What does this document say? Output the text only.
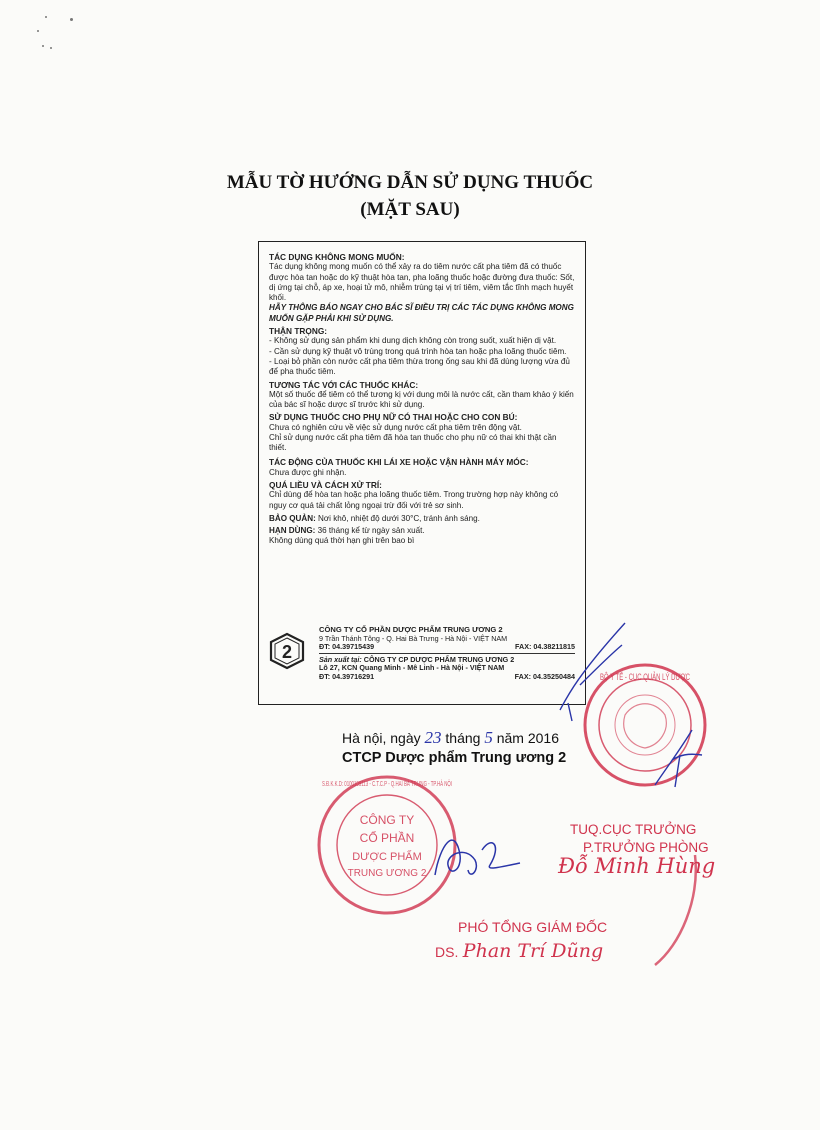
MẪU TỜ HƯỚNG DẪN SỬ DỤNG THUỐC
(MẶT SAU)
TÁC DỤNG KHÔNG MONG MUỐN:

Tác dụng không mong muốn có thể xảy ra do tiêm nước cất pha tiêm đã có thuốc được hòa tan hoặc do kỹ thuật hòa tan, pha loãng thuốc hoặc đường đưa thuốc: Sốt, dị ứng tại chỗ, áp xe, hoại tử mô, nhiễm trùng tại vị trí tiêm, viêm tắc tĩnh mạch huyết khối.

HÃY THÔNG BÁO NGAY CHO BÁC SĨ ĐIỀU TRỊ CÁC TÁC DỤNG KHÔNG MONG MUỐN GẶP PHẢI KHI SỬ DỤNG.

THẬN TRỌNG:

- Không sử dụng sản phẩm khi dung dịch không còn trong suốt, xuất hiện dị vật.

- Cần sử dụng kỹ thuật vô trùng trong quá trình hòa tan hoặc pha loãng thuốc tiêm.

- Loại bỏ phần còn nước cất pha tiêm thừa trong ống sau khi đã dùng lượng vừa đủ để pha thuốc tiêm.

TƯƠNG TÁC VỚI CÁC THUỐC KHÁC:

Một số thuốc để tiêm có thể tương kị với dung môi là nước cất, cần tham khảo ý kiến của bác sĩ hoặc dược sĩ trước khi sử dụng.

SỬ DỤNG THUỐC CHO PHỤ NỮ CÓ THAI HOẶC CHO CON BÚ:

Chưa có nghiên cứu về việc sử dụng nước cất pha tiêm trên động vật.

Chỉ sử dụng nước cất pha tiêm đã hòa tan thuốc cho phụ nữ có thai khi thật cần thiết.

TÁC ĐỘNG CỦA THUỐC KHI LÁI XE HOẶC VẬN HÀNH MÁY MÓC:

Chưa được ghi nhận.

QUÁ LIỀU VÀ CÁCH XỬ TRÍ:

Chỉ dùng để hòa tan hoặc pha loãng thuốc tiêm. Trong trường hợp này không có nguy cơ quá tải chất lỏng ngoại trừ đối với trẻ sơ sinh.

BẢO QUẢN: Nơi khô, nhiệt độ dưới 30°C, tránh ánh sáng.

HẠN DÙNG: 36 tháng kể từ ngày sản xuất.

Không dùng quá thời hạn ghi trên bao bì

2
CÔNG TY CỔ PHẦN DƯỢC PHẨM TRUNG ƯƠNG 2
9 Trần Thánh Tông - Q. Hai Bà Trưng - Hà Nội - VIỆT NAM
ĐT: 04.39715439	FAX: 04.38211815
Sản xuất tại: CÔNG TY CP DƯỢC PHẨM TRUNG ƯƠNG 2
Lô 27, KCN Quang Minh - Mê Linh - Hà Nội - VIỆT NAM
ĐT: 04.39716291	FAX: 04.35250484	BỘ Y TẾ - CỤC QUẢN LÝ DƯỢC
Hà nội, ngày 23 tháng 5 năm 2016
CTCP Dược phẩm Trung ương 2
CÔNG TY
CỔ PHẦN
DƯỢC PHẨM
TRUNG ƯƠNG 2
S.Đ.K.K.D: 0100109113 - C.T.C.P - Q.HAI BÀ TRƯNG - TP.HÀ NỘI
TUQ.CỤC TRƯỞNG
P.TRƯỞNG PHÒNG
Đỗ Minh Hùng
PHÓ TỔNG GIÁM ĐỐC
DS. Phan Trí Dũng
